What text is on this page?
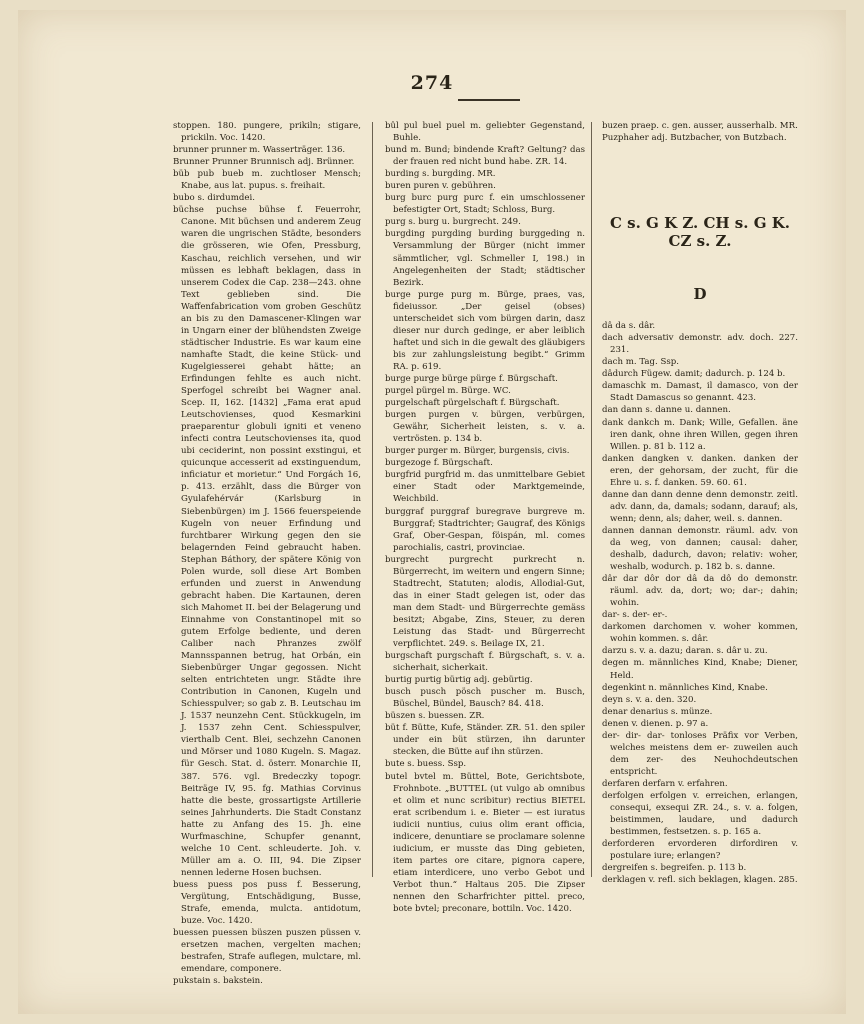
274

stoppen. 180. pungere, prikiln; stigare, prickiln. Voc. 1420.

brunner prunner m. Wasserträger. 136.

Brunner Prunner Brunnisch adj. Brünner.

büb pub bueb m. zuchtloser Mensch; Knabe, aus lat. pupus. s. freihait.

bubo s. dirdumdei.

büchse puchse bühse f. Feuerrohr, Canone. Mit büchsen und anderem Zeug waren die ungrischen Städte, besonders die grösseren, wie Ofen, Pressburg, Kaschau, reichlich versehen, und wir müssen es lebhaft beklagen, dass in unserem Codex die Cap. 238—243. ohne Text geblieben sind. Die Waffenfabrication vom groben Geschütz an bis zu den Damascener-Klingen war in Ungarn einer der blühendsten Zweige städtischer Industrie. Es war kaum eine namhafte Stadt, die keine Stück- und Kugelgiesserei gehabt hätte; an Erfindungen fehlte es auch nicht. Sperfogel schreibt bei Wagner anal. Scep. II, 162. [1432] „Fama erat apud Leutschovienses, quod Kesmarkini praeparentur globuli igniti et veneno infecti contra Leutschovienses ita, quod ubi ceciderint, non possint exstingui, et quicunque accesserit ad exstinguendum, inficiatur et morietur.“ Und Forgách 16, p. 413. erzählt, dass die Bürger von Gyulafehérvár (Karlsburg in Siebenbürgen) im J. 1566 feuerspeiende Kugeln von neuer Erfindung und furchtbarer Wirkung gegen den sie belagernden Feind gebraucht haben. Stephan Báthory, der spätere König von Polen wurde, soll diese Art Bomben erfunden und zuerst in Anwendung gebracht haben. Die Kartaunen, deren sich Mahomet II. bei der Belagerung und Einnahme von Constantinopel mit so gutem Erfolge bediente, und deren Caliber nach Phranzes zwölf Mannsspannen betrug, hat Orbán, ein Siebenbürger Ungar gegossen. Nicht selten entrichteten ungr. Städte ihre Contribution in Canonen, Kugeln und Schiesspulver; so gab z. B. Leutschau im J. 1537 neunzehn Cent. Stückkugeln, im J. 1537 zehn Cent. Schiesspulver, vierthalb Cent. Blei, sechzehn Canonen und Mörser und 1080 Kugeln. S. Magaz. für Gesch. Stat. d. österr. Monarchie II, 387. 576. vgl. Bredeczky topogr. Beiträge IV, 95. fg. Mathias Corvinus hatte die beste, grossartigste Artillerie seines Jahrhunderts. Die Stadt Constanz hatte zu Anfang des 15. Jh. eine Wurfmaschine, Schupfer genannt, welche 10 Cent. schleuderte. Joh. v. Müller am a. O. III, 94. Die Zipser nennen ledernе Hosen buchsen.

buess puess pos puss f. Besserung, Vergütung, Entschädigung, Busse, Strafe, emenda, mulcta. antidotum, buze. Voc. 1420.

buessen puessen büszen puszen püssen v. ersetzen machen, vergelten machen; bestrafen, Strafe auflegen, mulctare, ml. emendare, componere.

pukstain s. bakstein.

bûl pul buel puel m. geliebter Gegenstand, Buhle.

bund m. Bund; bindende Kraft? Geltung? das der frauen red nicht bund habe. ZR. 14.

burding s. burgding. MR.

buren puren v. gebühren.

burg burc purg purc f. ein umschlossener befestigter Ort, Stadt; Schloss, Burg.

purg s. burg u. burgrecht. 249.

burgding purgding burding burggeding n. Versammlung der Bürger (nicht immer sämmtlicher, vgl. Schmeller I, 198.) in Angelegenheiten der Stadt; städtischer Bezirk.

burge purge purg m. Bürge, praes, vas, fideiussor. „Der geisel (obses) unterscheidet sich vom bürgen darin, dasz dieser nur durch gedinge, er aber leiblich haftet und sich in die gewalt des gläubigers bis zur zahlungsleistung begibt.“ Grimm RA. p. 619.

burge purge bürge pürge f. Bürgschaft.

purgel pürgel m. Bürge. WC.

purgelschaft pürgelschaft f. Bürgschaft.

burgen purgen v. bürgen, verbürgen, Gewähr, Sicherheit leisten, s. v. a. vertrösten. p. 134 b.

burger purger m. Bürger, burgensis, civis.

burgezoge f. Bürgschaft.

burgfrid purgfrid m. das unmittelbare Gebiet einer Stadt oder Marktgemeinde, Weichbild.

burggraf purggraf buregrave burgreve m. Burggraf; Stadtrichter; Gaugraf, des Königs Graf, Ober-Gespan, föispán, ml. comes parochialis, castri, provinciae.

burgrecht purgrecht purkrecht n. Bürgerrecht, im weitern und engern Sinne; Stadtrecht, Statuten; alodis, Allodial-Gut, das in einer Stadt gelegen ist, oder das man dem Stadt- und Bürgerrechte gemäss besitzt; Abgabe, Zins, Steuer, zu deren Leistung das Stadt- und Bürgerrecht verpflichtet. 249. s. Beilage IX, 21.

burgschaft purgschaft f. Bürgschaft, s. v. a. sicherhait, sicherkait.

burtig purtig bürtig adj. gebürtig.

busch pusch pösch puscher m. Busch, Büschel, Bündel, Bausch? 84. 418.

büszen s. buessen. ZR.

büt f. Bütte, Kufe, Ständer. ZR. 51. den spiler under ein büt stürzen, ihn darunter stecken, die Bütte auf ihn stürzen.

bute s. buess. Ssp.

butel bvtel m. Büttel, Bote, Gerichtsbote, Frohnbote. „BUTTEL (ut vulgo ab omnibus et olim et nunc scribitur) rectius BIETEL erat scribendum i. e. Bieter — est iuratus iudicii nuntius, cuius olim erant officia, indicere, denuntiare se proclamare solenne iudicium, er musste das Ding gebieten, item partes ore citare, pignora capere, etiam interdicere, uno verbo Gebot und Verbot thun.“ Haltaus 205. Die Zipser nennen den Scharfrichter pittel. preco, bote bvtel; preconare, bottiln. Voc. 1420.

buzen praep. c. gen. ausser, ausserhalb. MR.

Puzphaher adj. Butzbacher, von Butzbach.

C s. G K Z. CH s. G K.

CZ s. Z.

D

dâ da s. dâr.

dach adversativ demonstr. adv. doch. 227. 231.

dach m. Tag. Ssp.

dâdurch Fügew. damit; dadurch. p. 124 b.

damaschk m. Damast, il damasco, von der Stadt Damascus so genannt. 423.

dan dann s. danne u. dannen.

dank dankch m. Dank; Wille, Gefallen. äne iren dank, ohne ihren Willen, gegen ihren Willen. p. 81 b. 112 a.

danken dangken v. danken. danken der eren, der gehorsam, der zucht, für die Ehre u. s. f. danken. 59. 60. 61.

danne dan dann denne denn demonstr. zeitl. adv. dann, da, damals; sodann, darauf; als, wenn; denn, als; daher, weil. s. dannen.

dannen dannan demonstr. räuml. adv. von da weg, von dannen; causal: daher, deshalb, dadurch, davon; relativ: woher, weshalb, wodurch. p. 182 b. s. danne.

dâr dar dôr dor dâ da dô do demonstr. räuml. adv. da, dort; wo; dar-; dahin; wohin.

dar- s. der- er-.

darkomen darchomen v. woher kommen, wohin kommen. s. dâr.

darzu s. v. a. dazu; daran. s. dâr u. zu.

degen m. männliches Kind, Knabe; Diener, Held.

degenkint n. männliches Kind, Knabe.

deyn s. v. a. den. 320.

denar denarius s. münze.

denen v. dienen. p. 97 a.

der- dir- dar- tonloses Präfix vor Verben, welches meistens dem er- zuweilen auch dem zer- des Neuhochdeutschen entspricht.

derfaren derfarn v. erfahren.

derfolgen erfolgen v. erreichen, erlangen, consequi, exsequi ZR. 24., s. v. a. folgen, beistimmen, laudare, und dadurch bestimmen, festsetzen. s. p. 165 a.

derforderen ervorderen dirfordiren v. postulare iure; erlangen?

dergreifen s. begreifen. p. 113 b.

derklagen v. refl. sich beklagen, klagen. 285.
